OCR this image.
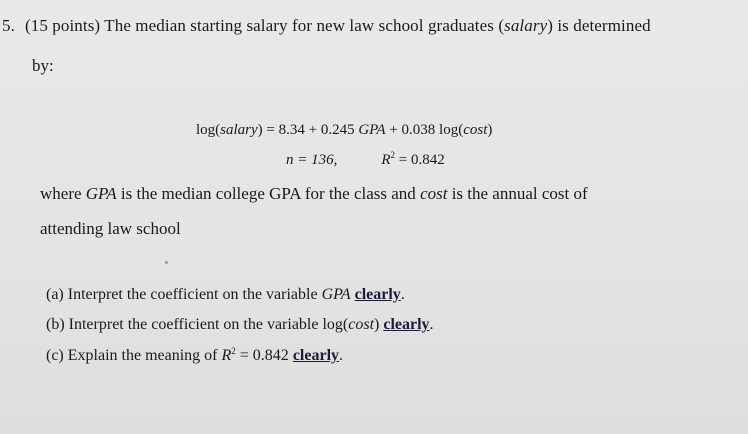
5. (15 points) The median starting salary for new law school graduates (salary) is determined
by:
log(salary) = 8.34 + 0.245 GPA + 0.038 log(cost)
n = 136,	$R^2 = 0.842$
where GPA is the median college GPA for the class and cost is the annual cost of
attending law school
(a) Interpret the coefficient on the variable GPA clearly.
(b) Interpret the coefficient on the variable log(cost) clearly.
(c) Explain the meaning of $R^2 = 0.842$ clearly.
